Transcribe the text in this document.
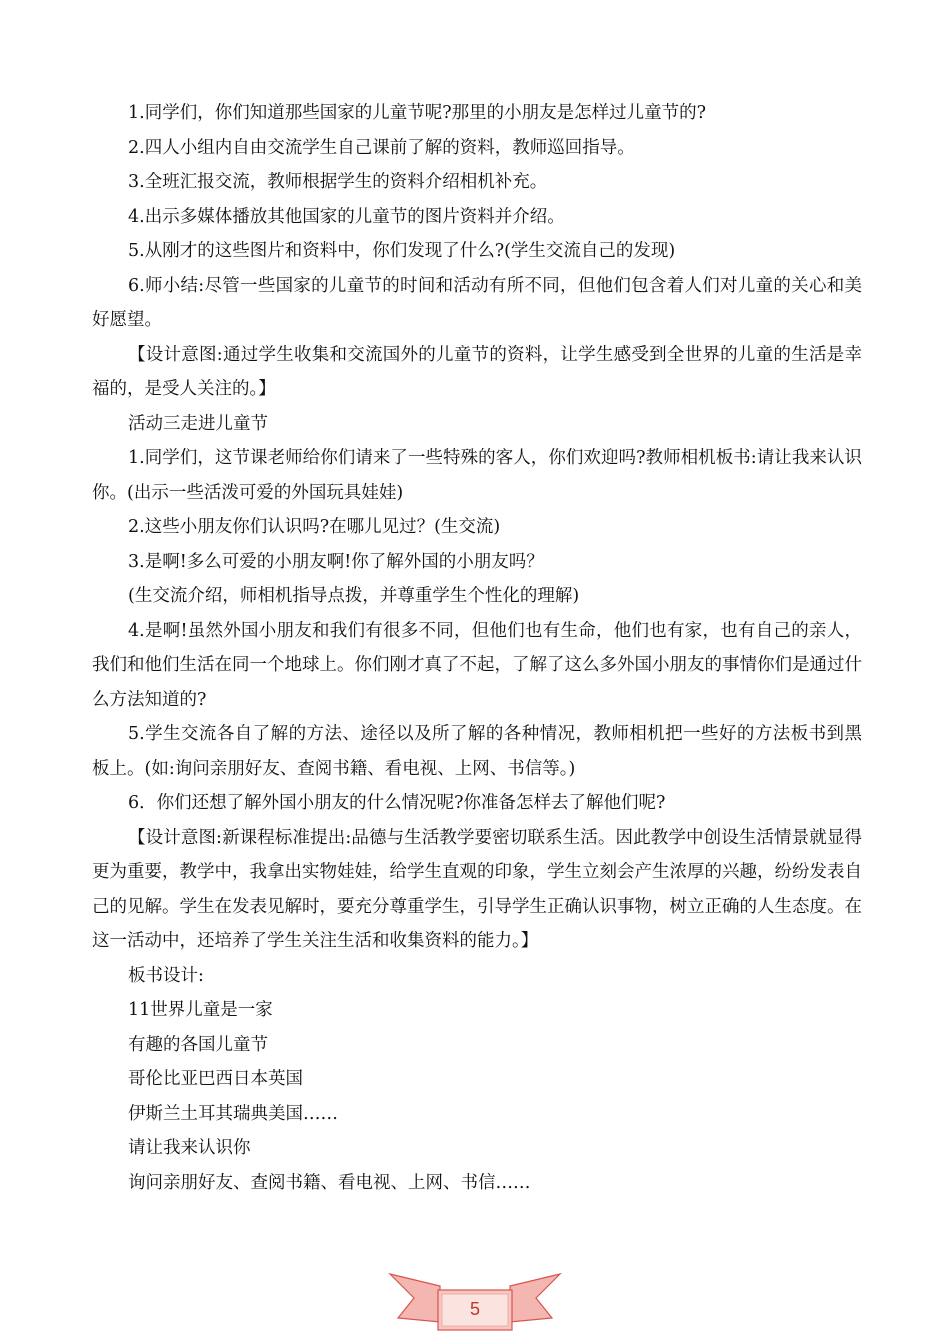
1.同学们，你们知道那些国家的儿童节呢?那里的小朋友是怎样过儿童节的?

2.四人小组内自由交流学生自己课前了解的资料，教师巡回指导。

3.全班汇报交流，教师根据学生的资料介绍相机补充。

4.出示多媒体播放其他国家的儿童节的图片资料并介绍。

5.从刚才的这些图片和资料中，你们发现了什么?(学生交流自己的发现)

6.师小结:尽管一些国家的儿童节的时间和活动有所不同，但他们包含着人们对儿童的关心和美好愿望。

【设计意图:通过学生收集和交流国外的儿童节的资料，让学生感受到全世界的儿童的生活是幸福的，是受人关注的。】

活动三走进儿童节

1.同学们，这节课老师给你们请来了一些特殊的客人，你们欢迎吗?教师相机板书:请让我来认识你。(出示一些活泼可爱的外国玩具娃娃)

2.这些小朋友你们认识吗?在哪儿见过？(生交流)

3.是啊!多么可爱的小朋友啊!你了解外国的小朋友吗？

(生交流介绍，师相机指导点拨，并尊重学生个性化的理解)

4.是啊!虽然外国小朋友和我们有很多不同，但他们也有生命，他们也有家，也有自己的亲人，我们和他们生活在同一个地球上。你们刚才真了不起，了解了这么多外国小朋友的事情你们是通过什么方法知道的?

5.学生交流各自了解的方法、途径以及所了解的各种情况，教师相机把一些好的方法板书到黑板上。(如:询问亲朋好友、查阅书籍、看电视、上网、书信等。)

6．你们还想了解外国小朋友的什么情况呢?你准备怎样去了解他们呢?

【设计意图:新课程标准提出:品德与生活教学要密切联系生活。因此教学中创设生活情景就显得更为重要，教学中，我拿出实物娃娃，给学生直观的印象，学生立刻会产生浓厚的兴趣，纷纷发表自己的见解。学生在发表见解时，要充分尊重学生，引导学生正确认识事物，树立正确的人生态度。在这一活动中，还培养了学生关注生活和收集资料的能力。】

板书设计:

11世界儿童是一家

有趣的各国儿童节

哥伦比亚巴西日本英国

伊斯兰土耳其瑞典美国……

请让我来认识你

询问亲朋好友、查阅书籍、看电视、上网、书信……

5
